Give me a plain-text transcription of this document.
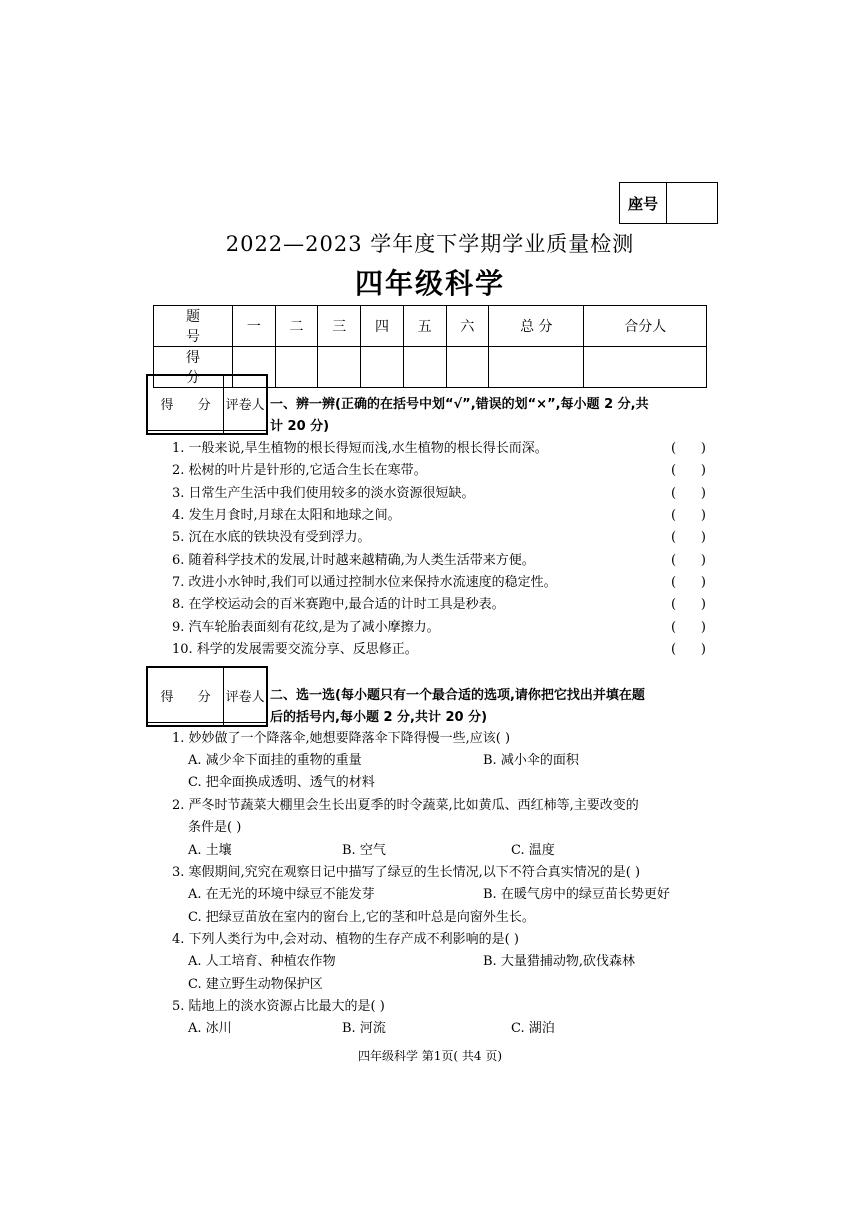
座号
2022—2023 学年度下学期学业质量检测
四年级科学
题 号	一	二	三	四	五	六	总 分	合分人
得 分								
得 分	评卷人
	一、辨一辨(正确的在括号中划“√”,错误的划“×”,每小题 2 分,共
计 20 分)
1. 一般来说,旱生植物的根长得短而浅,水生植物的根长得长而深。
2. 松树的叶片是针形的,它适合生长在寒带。
3. 日常生产生活中我们使用较多的淡水资源很短缺。
4. 发生月食时,月球在太阳和地球之间。
5. 沉在水底的铁块没有受到浮力。
6. 随着科学技术的发展,计时越来越精确,为人类生活带来方便。
7. 改进小水钟时,我们可以通过控制水位来保持水流速度的稳定性。
8. 在学校运动会的百米赛跑中,最合适的计时工具是秒表。
9. 汽车轮胎表面刻有花纹,是为了减小摩擦力。
10. 科学的发展需要交流分享、反思修正。
(      )
(      )
(      )
(      )
(      )
(      )
(      )
(      )
(      )
(      )
得 分	评卷人
	二、选一选(每小题只有一个最合适的选项,请你把它找出并填在题
后的括号内,每小题 2 分,共计 20 分)
1. 妙妙做了一个降落伞,她想要降落伞下降得慢一些,应该( )
A. 减少伞下面挂的重物的重量	B. 减小伞的面积
C. 把伞面换成透明、透气的材料
2. 严冬时节蔬菜大棚里会生长出夏季的时令蔬菜,比如黄瓜、西红柿等,主要改变的
条件是( )
A. 土壤	B. 空气	C. 温度
3. 寒假期间,究究在观察日记中描写了绿豆的生长情况,以下不符合真实情况的是( )
A. 在无光的环境中绿豆不能发芽	B. 在暖气房中的绿豆苗长势更好
C. 把绿豆苗放在室内的窗台上,它的茎和叶总是向窗外生长。
4. 下列人类行为中,会对动、植物的生存产成不利影响的是( )
A. 人工培育、种植农作物	B. 大量猎捕动物,砍伐森林
C. 建立野生动物保护区
5. 陆地上的淡水资源占比最大的是( )
A. 冰川	B. 河流	C. 湖泊
四年级科学 第1页( 共4 页)
